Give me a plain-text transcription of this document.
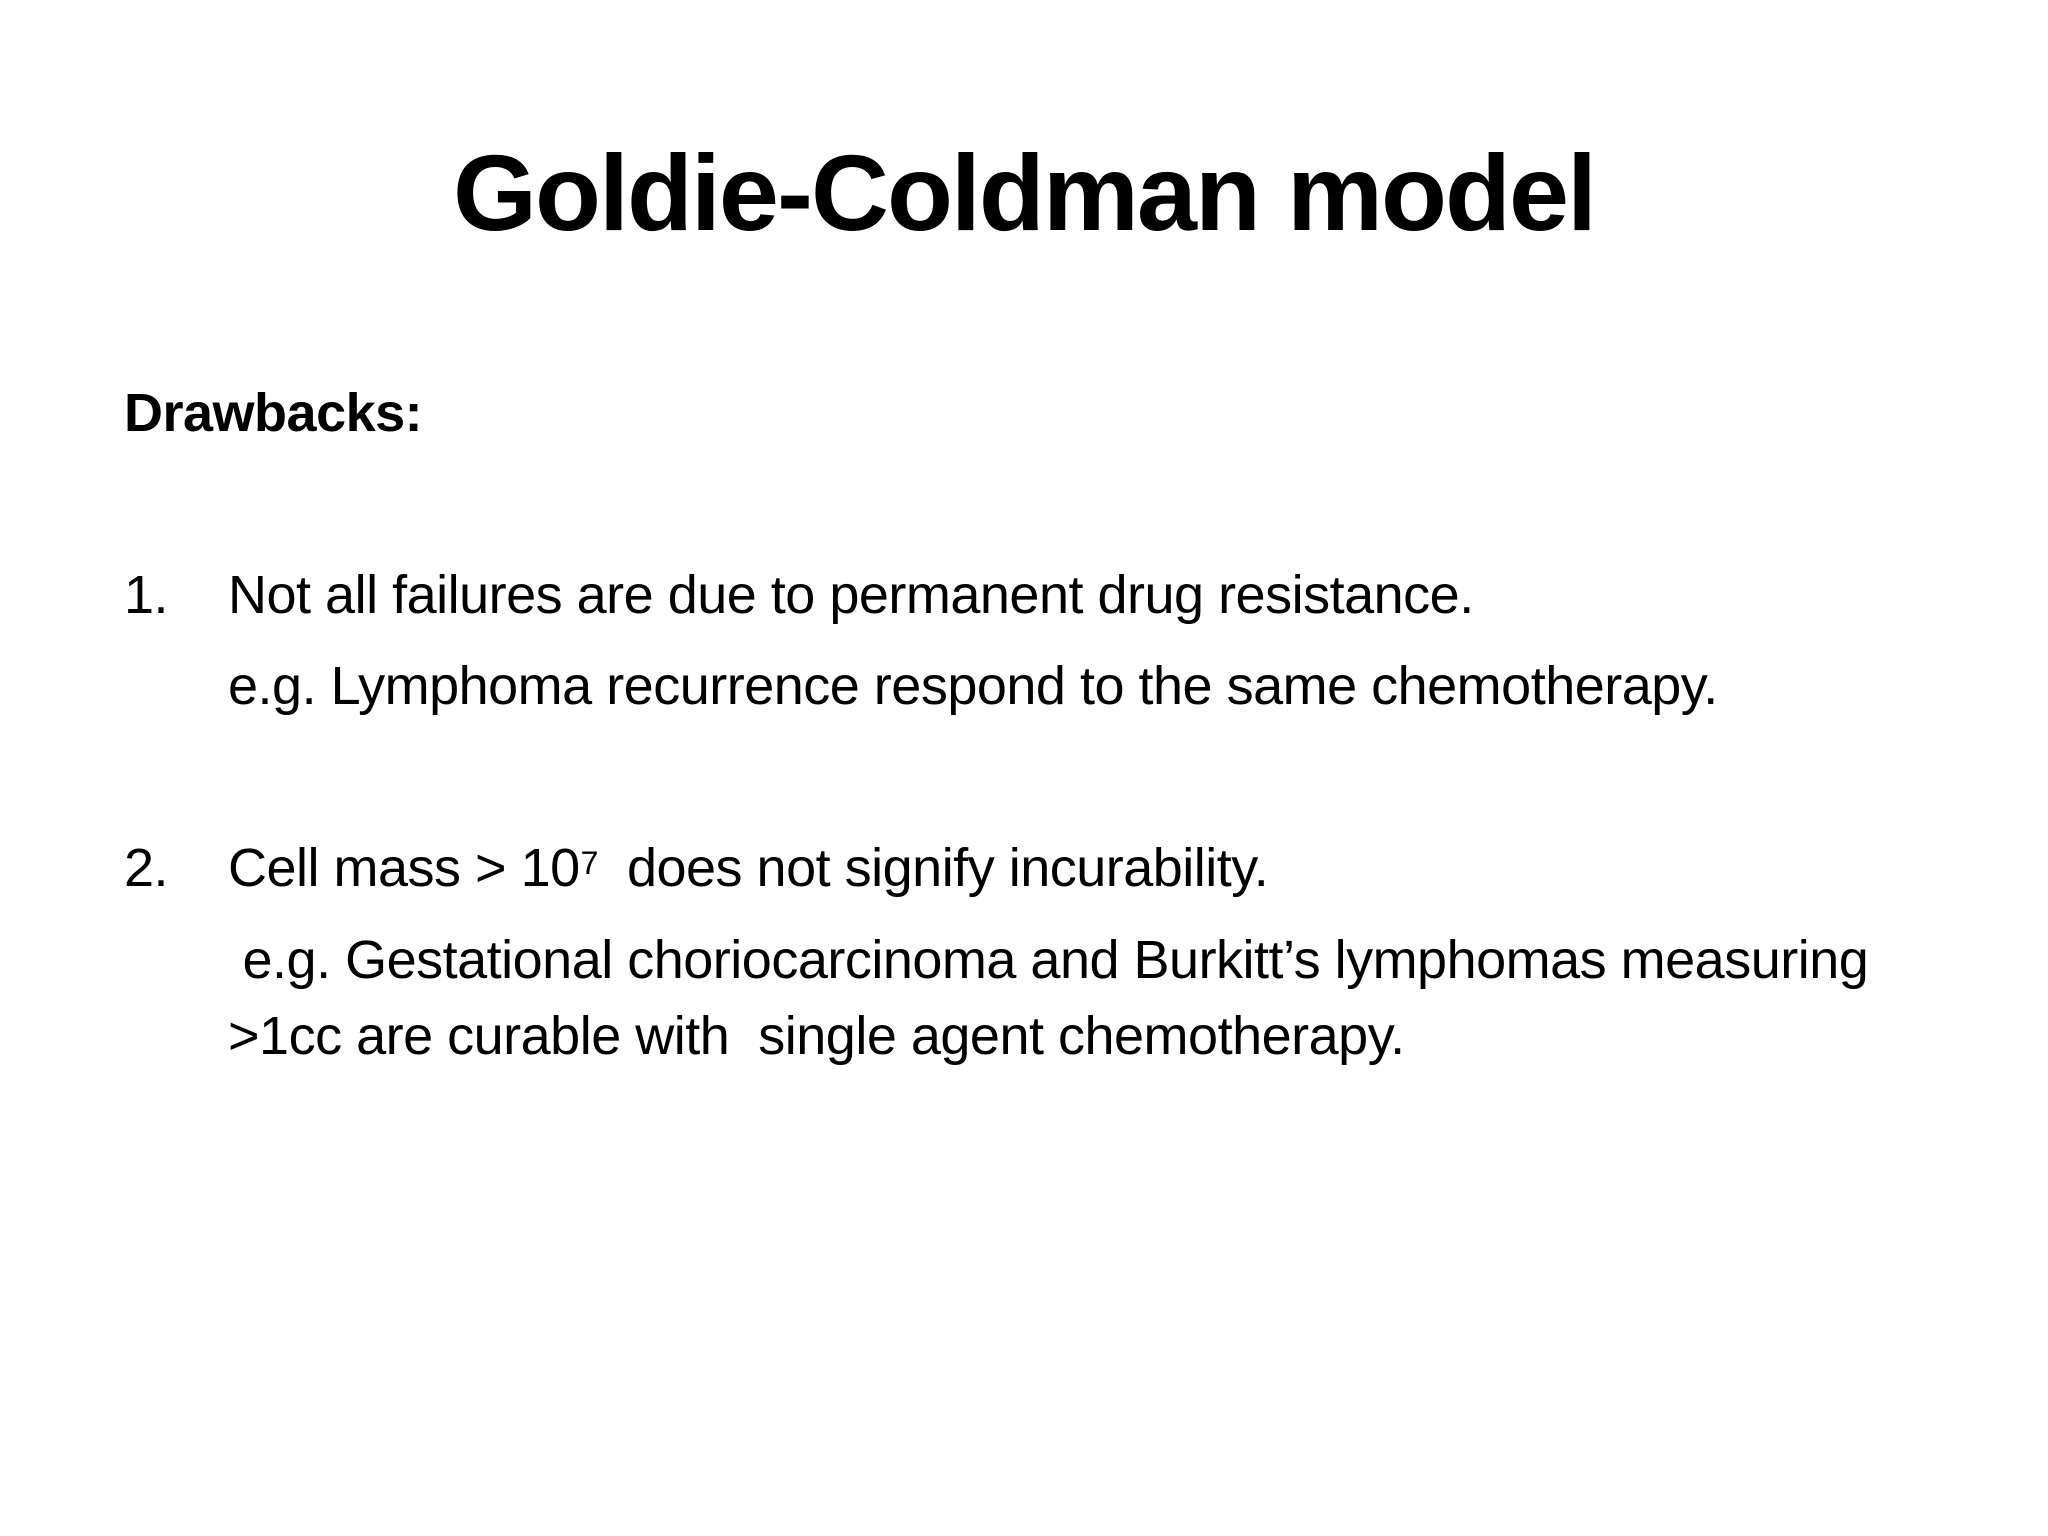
Goldie-Coldman model
Drawbacks:
1. Not all failures are due to permanent drug resistance.
e.g. Lymphoma recurrence respond to the same chemotherapy.
2. Cell mass > $10^7$  does not signify incurability.
e.g. Gestational choriocarcinoma and Burkitt’s lymphomas measuring
>1cc are curable with  single agent chemotherapy.
